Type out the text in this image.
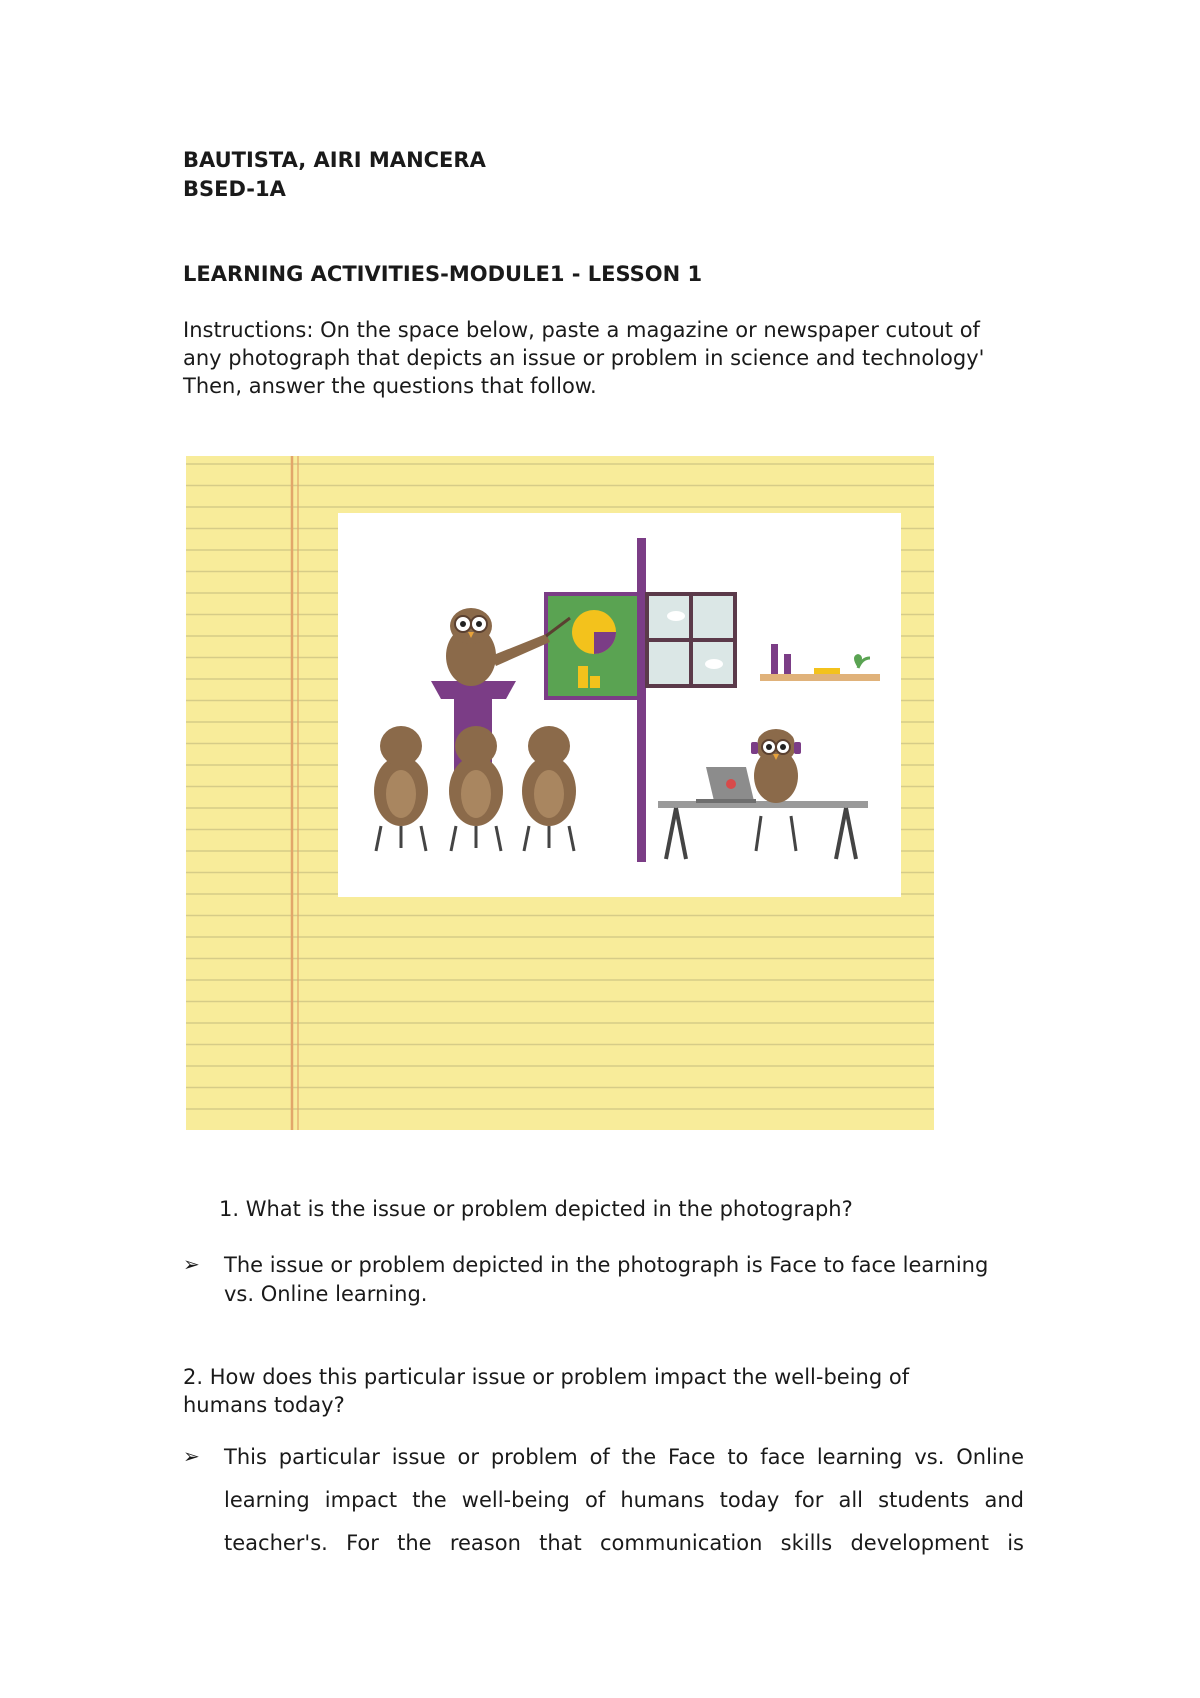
BAUTISTA, AIRI MANCERA
BSED-1A
LEARNING ACTIVITIES-MODULE1 - LESSON 1
Instructions: On the space below, paste a magazine or newspaper cutout of
any photograph that depicts an issue or problem in science and technology'
Then, answer the questions that follow.
1. What is the issue or problem depicted in the photograph?
➢ The issue or problem depicted in the photograph is Face to face learning
vs. Online learning.
2. How does this particular issue or problem impact the well-being of
humans today?
➢ This particular issue or problem of the Face to face learning vs. Online
learning impact the well-being of humans today for all students and
teacher's. For the reason that communication skills development is
